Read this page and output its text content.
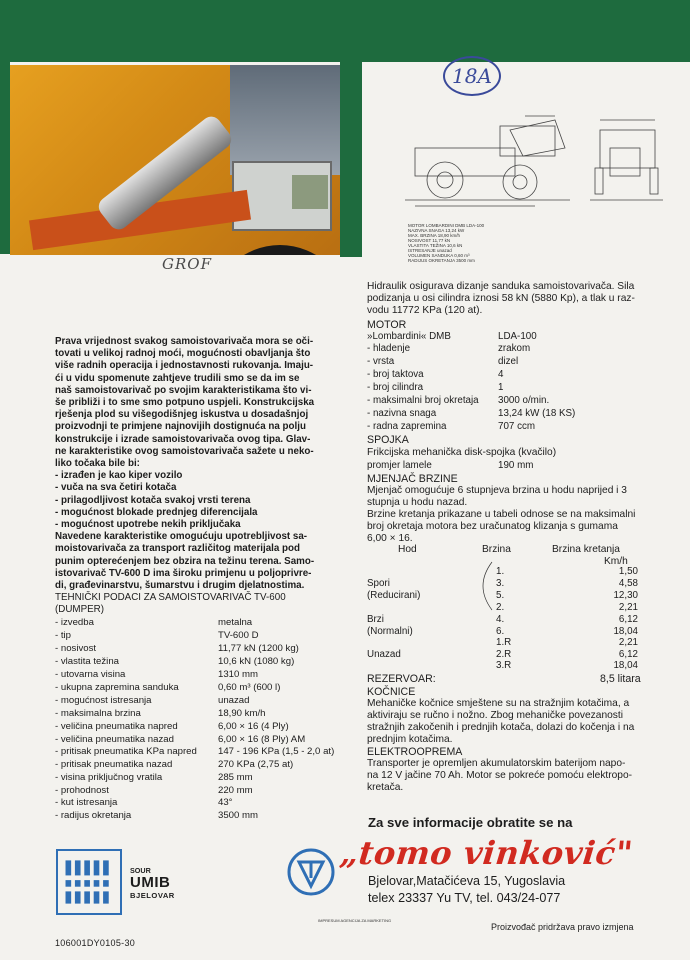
GROF
18A
MOTOR LOMBARDINI DMB LDA-100
NAZIVNA SNAGA 13,24 kW
MAX. BRZINA 18,90 km/h
NOSIVOST 11,77 kN
VLASTITA TEŽINA 10,6 kN
ISTRESANJE unazad
VOLUMEN SANDUKA 0,60 m³
RADIJUS OKRETANJA 3500 mm
Hidraulik osigurava dizanje sanduka samoistovarivača. Sila
podizanja u osi cilindra iznosi 58 kN (5880 Kp), a tlak u raz-
vodu 11772 KPa (120 at).
MOTOR
»Lombardini« DMB	LDA-100
- hladenje	zrakom
- vrsta	dizel
- broj taktova	4
- broj cilindra	1
- maksimalni broj okretaja 3000 o/min.
- nazivna snaga	13,24 kW (18 KS)
- radna zapremina	707 ccm
SPOJKA
Frikcijska mehanička disk-spojka (kvačilo)
promjer lamele	190 mm
MJENJAČ BRZINE
Mjenjač omogućuje 6 stupnjeva brzina u hodu naprijed i 3
stupnja u hodu nazad.
Brzine kretanja prikazane u tabeli odnose se na maksimalni
broj okretaja motora bez uračunatog klizanja s gumama
6,00 × 16.
Hod	Brzina	Brzina kretanja
Km/h
1.	1,50
Spori	3.	4,58
(Reducirani)	5.	12,30
2.	2,21
Brzi	4.	6,12
(Normalni)	6.	18,04
1.R	2,21
Unazad	2.R	6,12
3.R	18,04
REZERVOAR:	8,5 litara
KOČNICE
Mehaničke kočnice smještene su na stražnjim kotačima, a
aktiviraju se ručno i nožno. Zbog mehaničke povezanosti
stražnjih zakočenih i prednjih kotača, dolazi do kočenja i na
prednjim kotačima.
ELEKTROOPREMA
Transporter je opremljen akumulatorskim baterijom napo-
na 12 V jačine 70 Ah. Motor se pokreće pomoću elektropo-
kretača.
Prava vrijednost svakog samoistovarivača mora se oči-
tovati u velikoj radnoj moći, mogućnosti obavljanja što
više radnih operacija i jednostavnosti rukovanja. Imaju-
ći u vidu spomenute zahtjeve trudili smo se da im se
naš samoistovarivač po svojim karakteristikama što vi-
še približi i to sme smo potpuno uspjeli. Konstrukcijska
rješenja plod su višegodišnjeg iskustva u dosadašnjoj
proizvodnji te primjene najnovijih dostignuća na polju
konstrukcije i izrade samoistovarivača ovog tipa. Glav-
ne karakteristike ovog samoistovarivača sažete u neko-
liko točaka bile bi:
- izrađen je kao kiper vozilo
- vuča na sva četiri kotača
- prilagodljivost kotača svakoj vrsti terena
- mogućnost blokade prednjeg diferencijala
- mogućnost upotrebe nekih priključaka
Navedene karakteristike omogućuju upotrebljivost sa-
moistovarivača za transport različitog materijala pod
punim opterećenjem bez obzira na težinu terena. Samo-
istovarivač TV-600 D ima široku primjenu u poljoprivre-
di, građevinarstvu, šumarstvu i drugim djelatnostima.
TEHNIČKI PODACI ZA SAMOISTOVARIVAČ TV-600
(DUMPER)
- izvedba	metalna
- tip	TV-600 D
- nosivost	11,77 kN (1200 kg)
- vlastita težina	10,6 kN (1080 kg)
- utovarna visina	1310 mm
- ukupna zapremina sanduka	0,60 m³ (600 l)
- mogućnost istresanja	unazad
- maksimalna brzina	18,90 km/h
- veličina pneumatika napred	6,00 × 16 (4 Ply)
- veličina pneumatika nazad	6,00 × 16 (8 Ply) AM
- pritisak pneumatika KPa napred 147 - 196 KPa (1,5 - 2,0 at)
- pritisak pneumatika nazad	270 KPa (2,75 at)
- visina priključnog vratila	285 mm
- prohodnost	220 mm
- kut istresanja	43°
- radijus okretanja	3500 mm	Za sve informacije obratite se na
„tomo vinković"
Bjelovar,Matačićeva 15, Yugoslavia
telex 23337 Yu TV, tel. 043/24-077
SOUR
UMIB
BJELOVAR
IMPRESUM AGENCIJA ZA MARKETING
Proizvođač pridržava pravo izmjena
106001DY0105-30
